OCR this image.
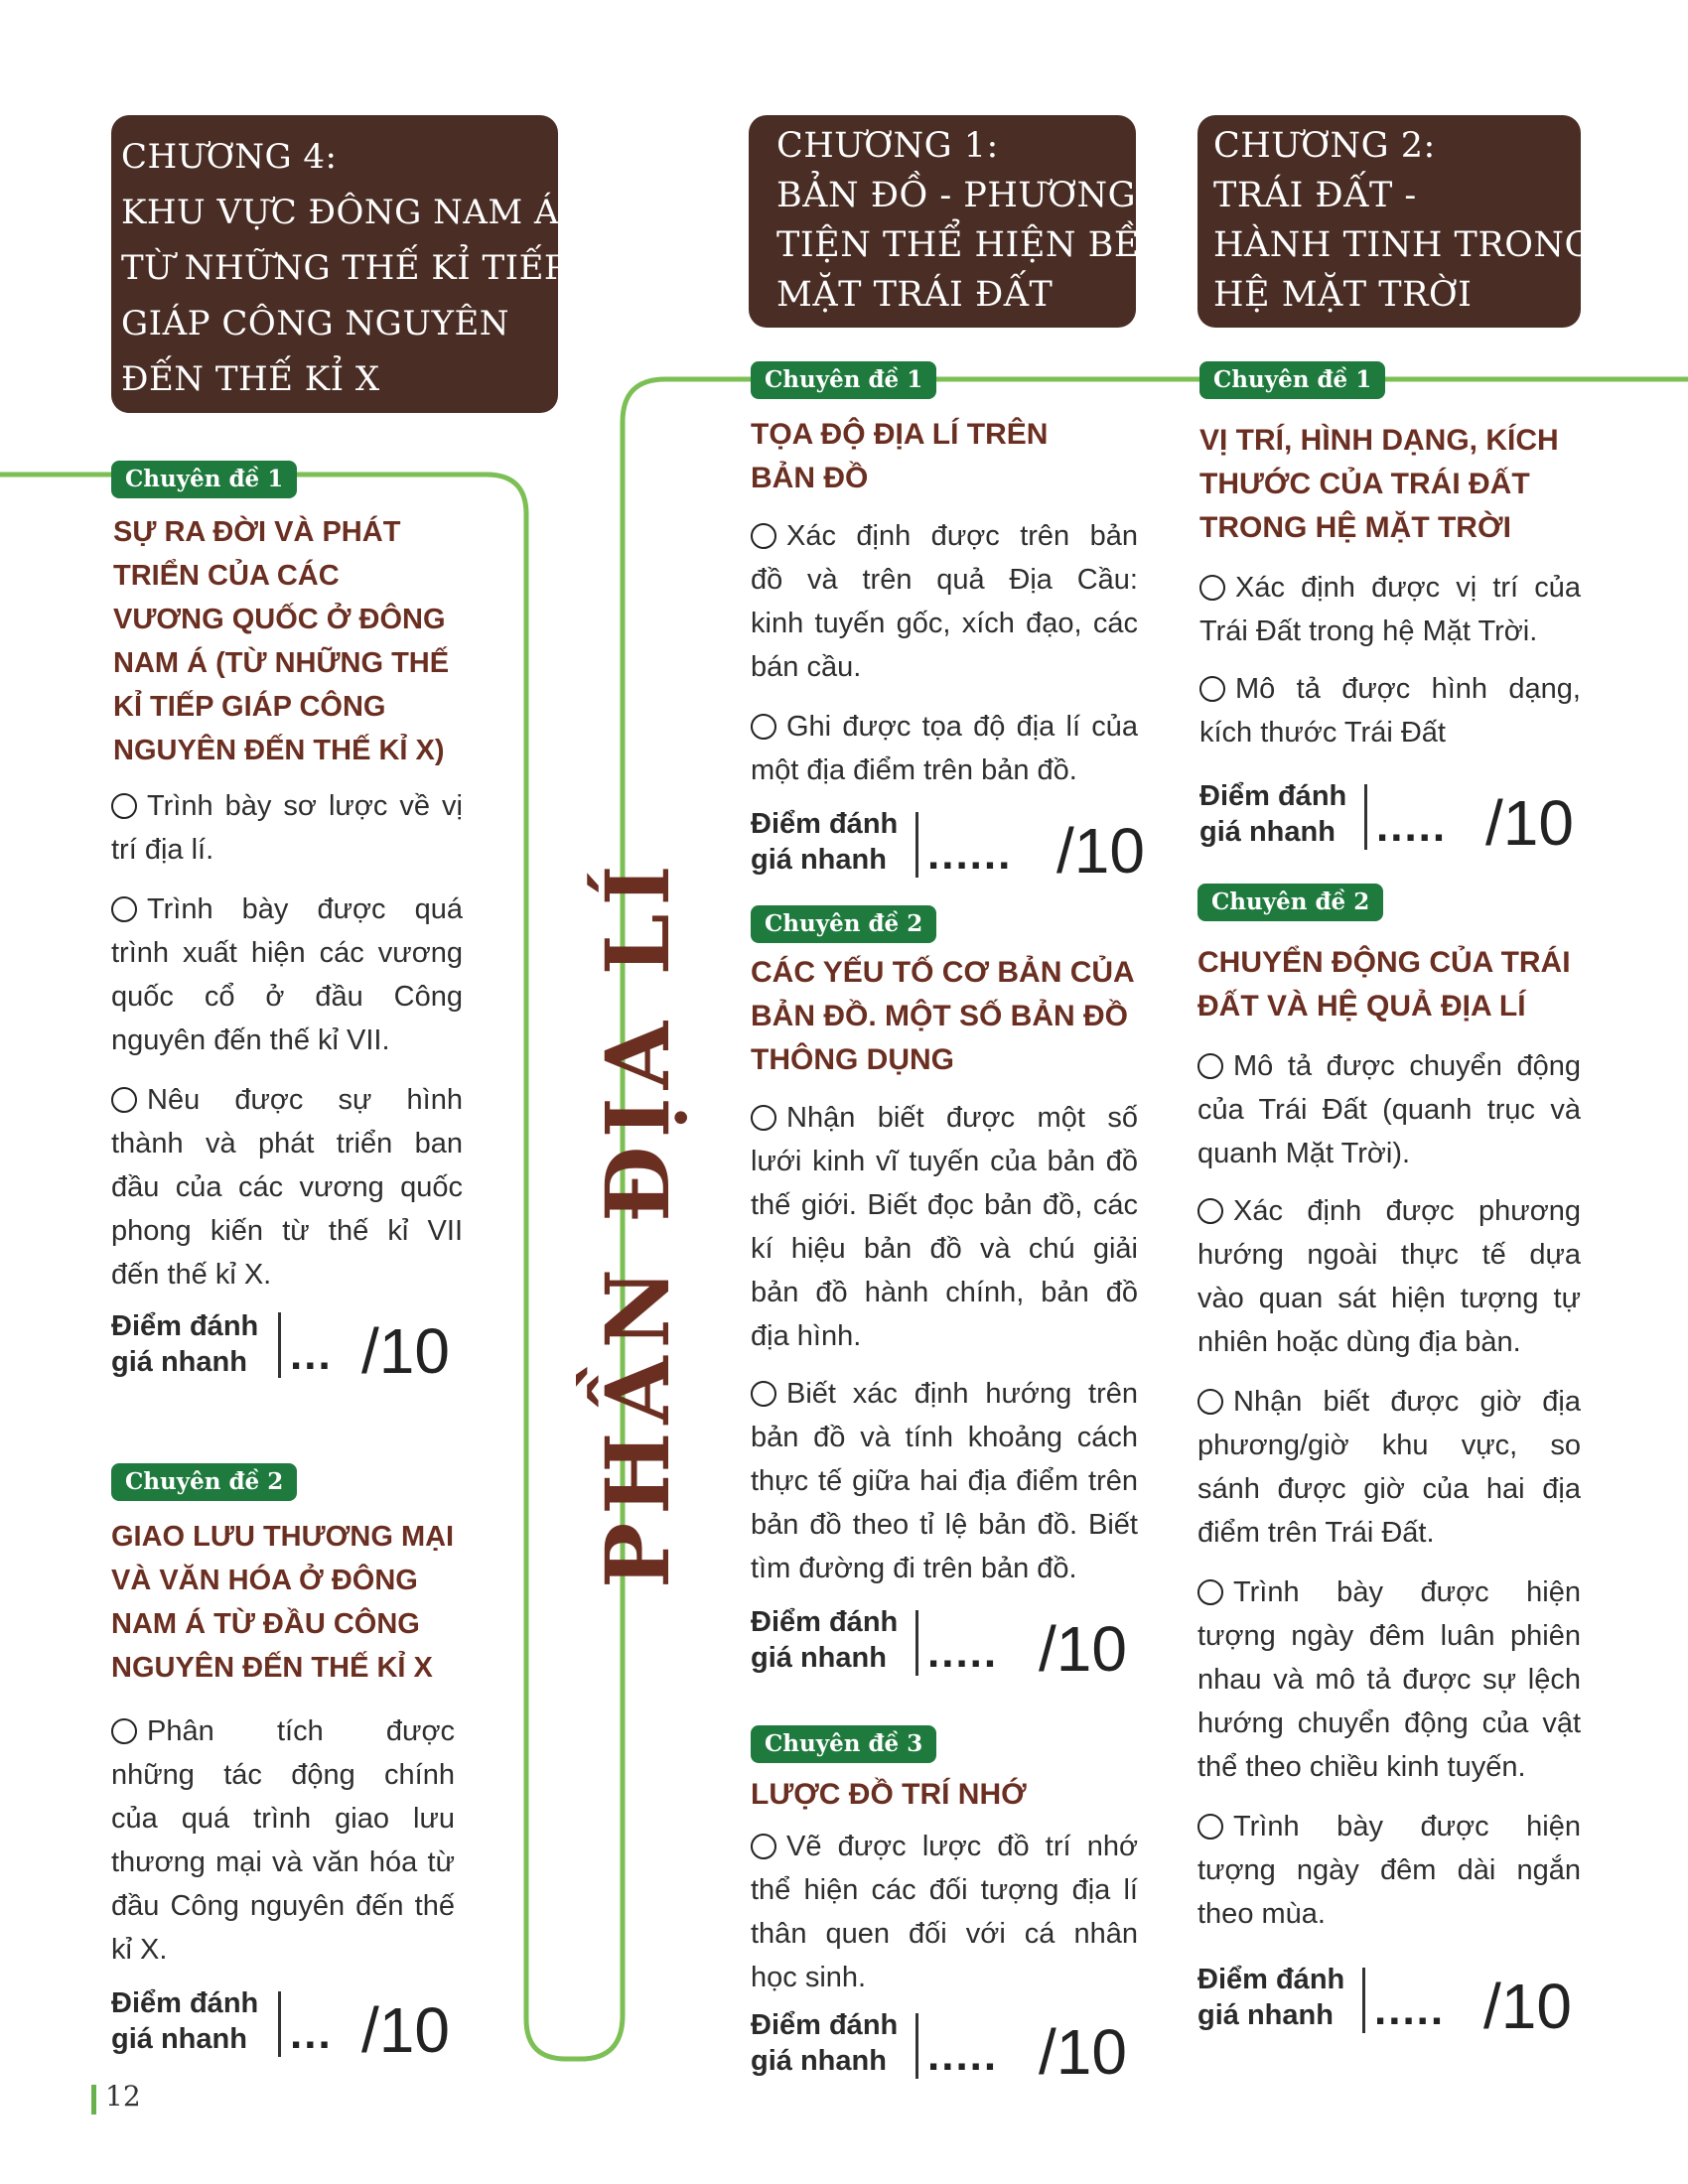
PHẦN ĐỊA LÍ
CHƯƠNG 4:
KHU VỰC ĐÔNG NAM Á
TỪ NHỮNG THẾ KỈ TIẾP
GIÁP CÔNG NGUYÊN
ĐẾN THẾ KỈ X
Chuyên đề 1
SỰ RA ĐỜI VÀ PHÁT
TRIỂN CỦA CÁC
VƯƠNG QUỐC Ở ĐÔNG
NAM Á (TỪ NHỮNG THẾ
KỈ TIẾP GIÁP CÔNG
NGUYÊN ĐẾN THẾ KỈ X)
Trình bày sơ lược về vị
trí địa lí.
Trình bày được quá
trình xuất hiện các vương
quốc cổ ở đầu Công
nguyên đến thế kỉ VII.
Nêu được sự hình
thành và phát triển ban
đầu của các vương quốc
phong kiến từ thế kỉ VII
đến thế kỉ X.
Điểm đánh
giá nhanh ... /10
Chuyên đề 2
GIAO LƯU THƯƠNG MẠI
VÀ VĂN HÓA Ở ĐÔNG
NAM Á TỪ ĐẦU CÔNG
NGUYÊN ĐẾN THẾ KỈ X
Phân tích được
những tác động chính
của quá trình giao lưu
thương mại và văn hóa từ
đầu Công nguyên đến thế
kỉ X.
Điểm đánh
giá nhanh ... /10
CHƯƠNG 1:
BẢN ĐỒ - PHƯƠNG
TIỆN THỂ HIỆN BỀ
MẶT TRÁI ĐẤT
Chuyên đề 1
TỌA ĐỘ ĐỊA LÍ TRÊN
BẢN ĐỒ
Xác định được trên bản
đồ và trên quả Địa Cầu:
kinh tuyến gốc, xích đạo, các
bán cầu.
Ghi được tọa độ địa lí của
một địa điểm trên bản đồ.
Điểm đánh
giá nhanh ...... /10
Chuyên đề 2
CÁC YẾU TỐ CƠ BẢN CỦA
BẢN ĐỒ. MỘT SỐ BẢN ĐỒ
THÔNG DỤNG
Nhận biết được một số
lưới kinh vĩ tuyến của bản đồ
thế giới. Biết đọc bản đồ, các
kí hiệu bản đồ và chú giải
bản đồ hành chính, bản đồ
địa hình.
Biết xác định hướng trên
bản đồ và tính khoảng cách
thực tế giữa hai địa điểm trên
bản đồ theo tỉ lệ bản đồ. Biết
tìm đường đi trên bản đồ.
Điểm đánh
giá nhanh ..... /10
Chuyên đề 3
LƯỢC ĐỒ TRÍ NHỚ
Vẽ được lược đồ trí nhớ
thể hiện các đối tượng địa lí
thân quen đối với cá nhân
học sinh.
Điểm đánh
giá nhanh ..... /10
CHƯƠNG 2:
TRÁI ĐẤT -
HÀNH TINH TRONG
HỆ MẶT TRỜI
Chuyên đề 1
VỊ TRÍ, HÌNH DẠNG, KÍCH
THƯỚC CỦA TRÁI ĐẤT
TRONG HỆ MẶT TRỜI
Xác định được vị trí của
Trái Đất trong hệ Mặt Trời.
Mô tả được hình dạng,
kích thước Trái Đất
Điểm đánh
giá nhanh ..... /10
Chuyên đề 2
CHUYỂN ĐỘNG CỦA TRÁI
ĐẤT VÀ HỆ QUẢ ĐỊA LÍ
Mô tả được chuyển động
của Trái Đất (quanh trục và
quanh Mặt Trời).
Xác định được phương
hướng ngoài thực tế dựa
vào quan sát hiện tượng tự
nhiên hoặc dùng địa bàn.
Nhận biết được giờ địa
phương/giờ khu vực, so
sánh được giờ của hai địa
điểm trên Trái Đất.
Trình bày được hiện
tượng ngày đêm luân phiên
nhau và mô tả được sự lệch
hướng chuyển động của vật
thể theo chiều kinh tuyến.
Trình bày được hiện
tượng ngày đêm dài ngắn
theo mùa.
Điểm đánh
giá nhanh ..... /10
12
